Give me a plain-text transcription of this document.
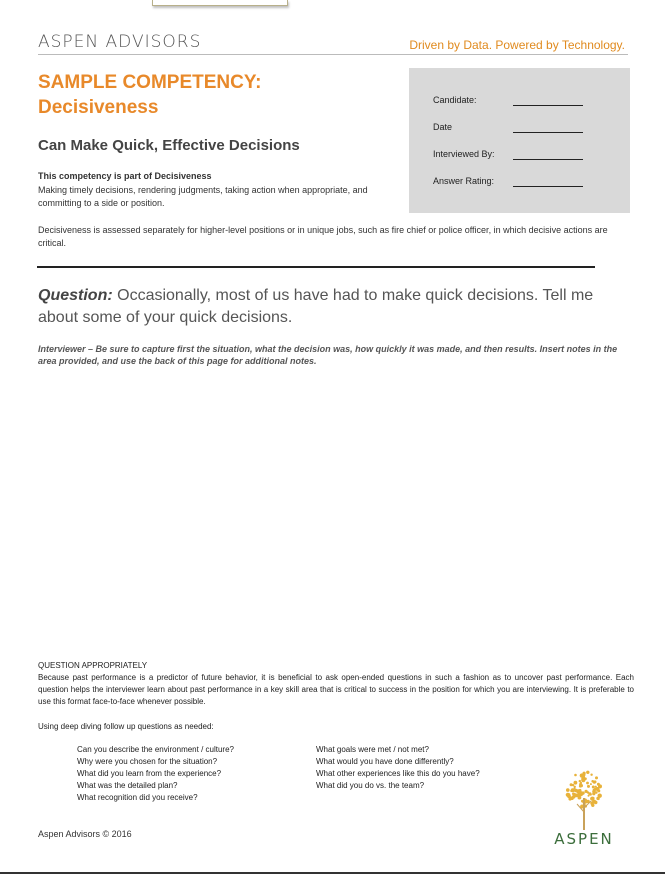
ASPEN ADVISORS	Driven by Data. Powered by Technology.
SAMPLE COMPETENCY:
Decisiveness
Can Make Quick, Effective Decisions
This competency is part of Decisiveness
Making timely decisions, rendering judgments, taking action when appropriate, and committing to a side or position.
Decisiveness is assessed separately for higher-level positions or in unique jobs, such as fire chief or police officer, in which decisive actions are critical.
Candidate:
Date
Interviewed By:
Answer Rating:
Question: Occasionally, most of us have had to make quick decisions. Tell me about some of your quick decisions.
Interviewer – Be sure to capture first the situation, what the decision was, how quickly it was made, and then results. Insert notes in the area provided, and use the back of this page for additional notes.
QUESTION APPROPRIATELY
Because past performance is a predictor of future behavior, it is beneficial to ask open-ended questions in such a fashion as to uncover past performance. Each question helps the interviewer learn about past performance in a key skill area that is critical to success in the position for which you are interviewing. It is preferable to use this format face-to-face whenever possible.
Using deep diving follow up questions as needed:
Can you describe the environment / culture?
Why were you chosen for the situation?
What did you learn from the experience?
What was the detailed plan?
What recognition did you receive?
What goals were met / not met?
What would you have done differently?
What other experiences like this do you have?
What did you do vs. the team?
Aspen Advisors © 2016	ASPEN
